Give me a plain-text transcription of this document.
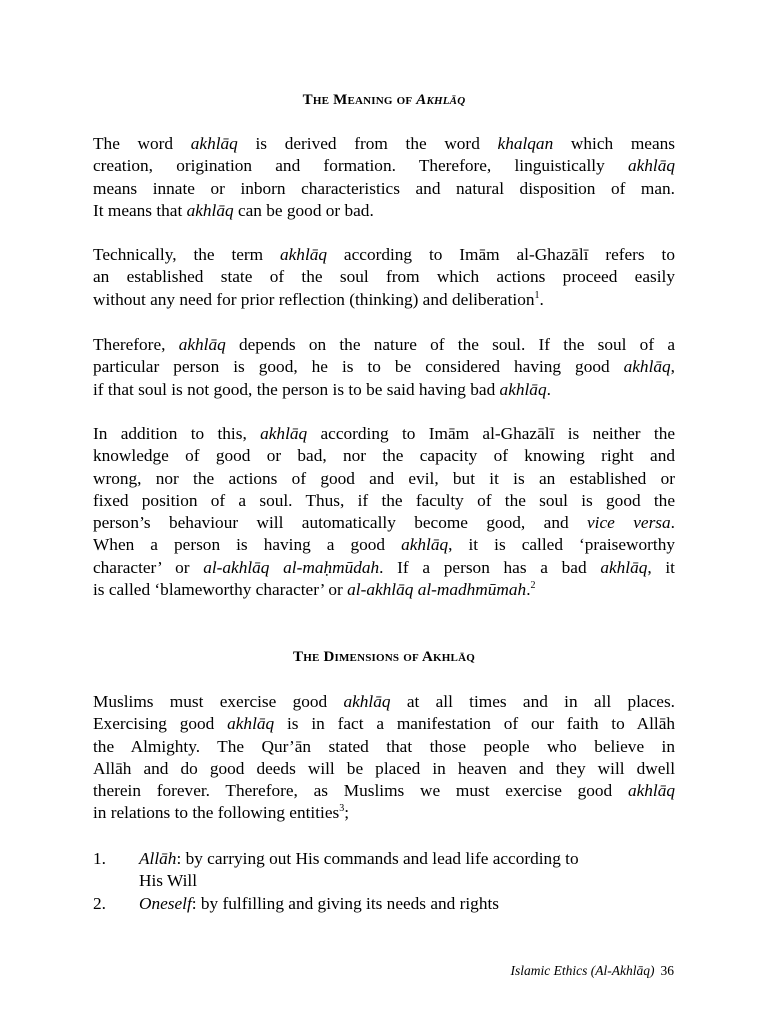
The Meaning of Akhlāq
The word akhlāq is derived from the word khalqan which means
creation, origination and formation. Therefore, linguistically akhlāq
means innate or inborn characteristics and natural disposition of man.
It means that akhlāq can be good or bad.
Technically, the term akhlāq according to Imām al-Ghazālī refers to
an established state of the soul from which actions proceed easily
without any need for prior reflection (thinking) and deliberation$^1$.
Therefore, akhlāq depends on the nature of the soul. If the soul of a
particular person is good, he is to be considered having good akhlāq,
if that soul is not good, the person is to be said having bad akhlāq.
In addition to this, akhlāq according to Imām al-Ghazālī is neither the
knowledge of good or bad, nor the capacity of knowing right and
wrong, nor the actions of good and evil, but it is an established or
fixed position of a soul. Thus, if the faculty of the soul is good the
person’s behaviour will automatically become good, and vice versa.
When a person is having a good akhlāq, it is called ‘praiseworthy
character’ or al-akhlāq al-maḥmūdah. If a person has a bad akhlāq, it
is called ‘blameworthy character’ or al-akhlāq al-madhmūmah.$^2$
The Dimensions of Akhlāq
Muslims must exercise good akhlāq at all times and in all places.
Exercising good akhlāq is in fact a manifestation of our faith to Allāh
the Almighty. The Qur’ān stated that those people who believe in
Allāh and do good deeds will be placed in heaven and they will dwell
therein forever. Therefore, as Muslims we must exercise good akhlāq
in relations to the following entities$^3$;
1. Allāh: by carrying out His commands and lead life according to
His Will
2. Oneself: by fulfilling and giving its needs and rights
Islamic Ethics (Al-Akhlāq) 36
